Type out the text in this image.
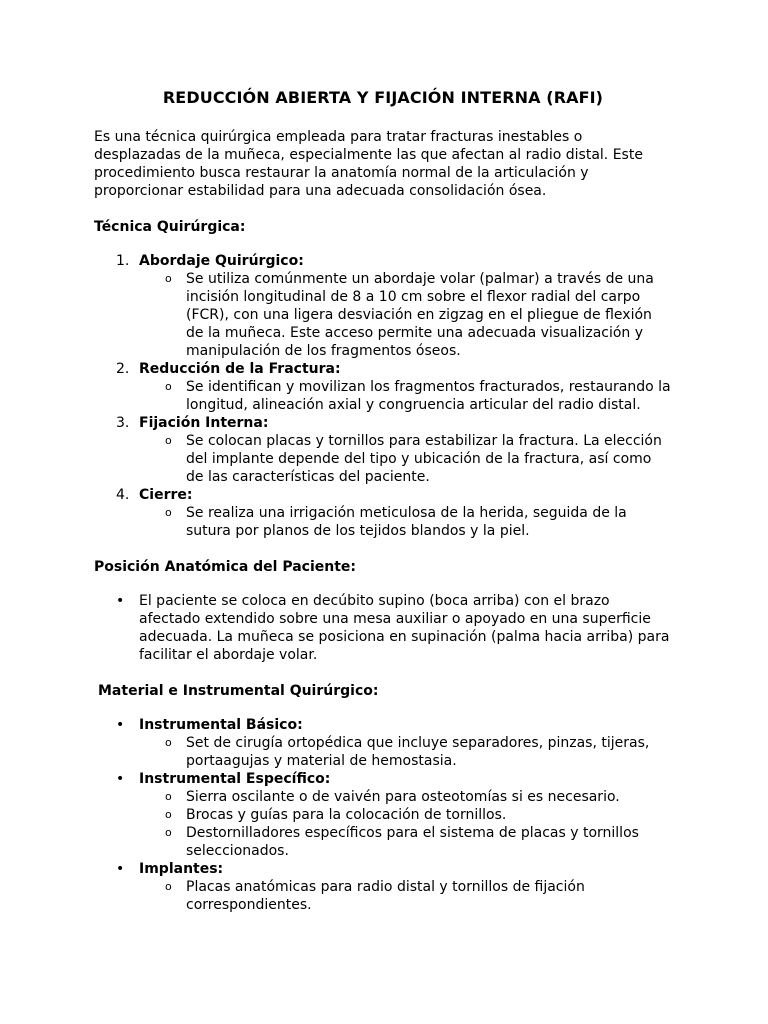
REDUCCIÓN ABIERTA Y FIJACIÓN INTERNA (RAFI)

Es una técnica quirúrgica empleada para tratar fracturas inestables o desplazadas de la muñeca, especialmente las que afectan al radio distal. Este procedimiento busca restaurar la anatomía normal de la articulación y proporcionar estabilidad para una adecuada consolidación ósea.

Técnica Quirúrgica:
1. Abordaje Quirúrgico:
o Se utiliza comúnmente un abordaje volar (palmar) a través de una incisión longitudinal de 8 a 10 cm sobre el flexor radial del carpo (FCR), con una ligera desviación en zigzag en el pliegue de flexión de la muñeca. Este acceso permite una adecuada visualización y manipulación de los fragmentos óseos.
2. Reducción de la Fractura:
o Se identifican y movilizan los fragmentos fracturados, restaurando la longitud, alineación axial y congruencia articular del radio distal.
3. Fijación Interna:
o Se colocan placas y tornillos para estabilizar la fractura. La elección del implante depende del tipo y ubicación de la fractura, así como de las características del paciente.
4. Cierre:
o Se realiza una irrigación meticulosa de la herida, seguida de la sutura por planos de los tejidos blandos y la piel.
Posición Anatómica del Paciente:
• El paciente se coloca en decúbito supino (boca arriba) con el brazo afectado extendido sobre una mesa auxiliar o apoyado en una superficie adecuada. La muñeca se posiciona en supinación (palma hacia arriba) para facilitar el abordaje volar.
Material e Instrumental Quirúrgico:
• Instrumental Básico:
o Set de cirugía ortopédica que incluye separadores, pinzas, tijeras, portaagujas y material de hemostasia.
• Instrumental Específico:
o Sierra oscilante o de vaivén para osteotomías si es necesario.
o Brocas y guías para la colocación de tornillos.
o Destornilladores específicos para el sistema de placas y tornillos seleccionados.
• Implantes:
o Placas anatómicas para radio distal y tornillos de fijación correspondientes.
